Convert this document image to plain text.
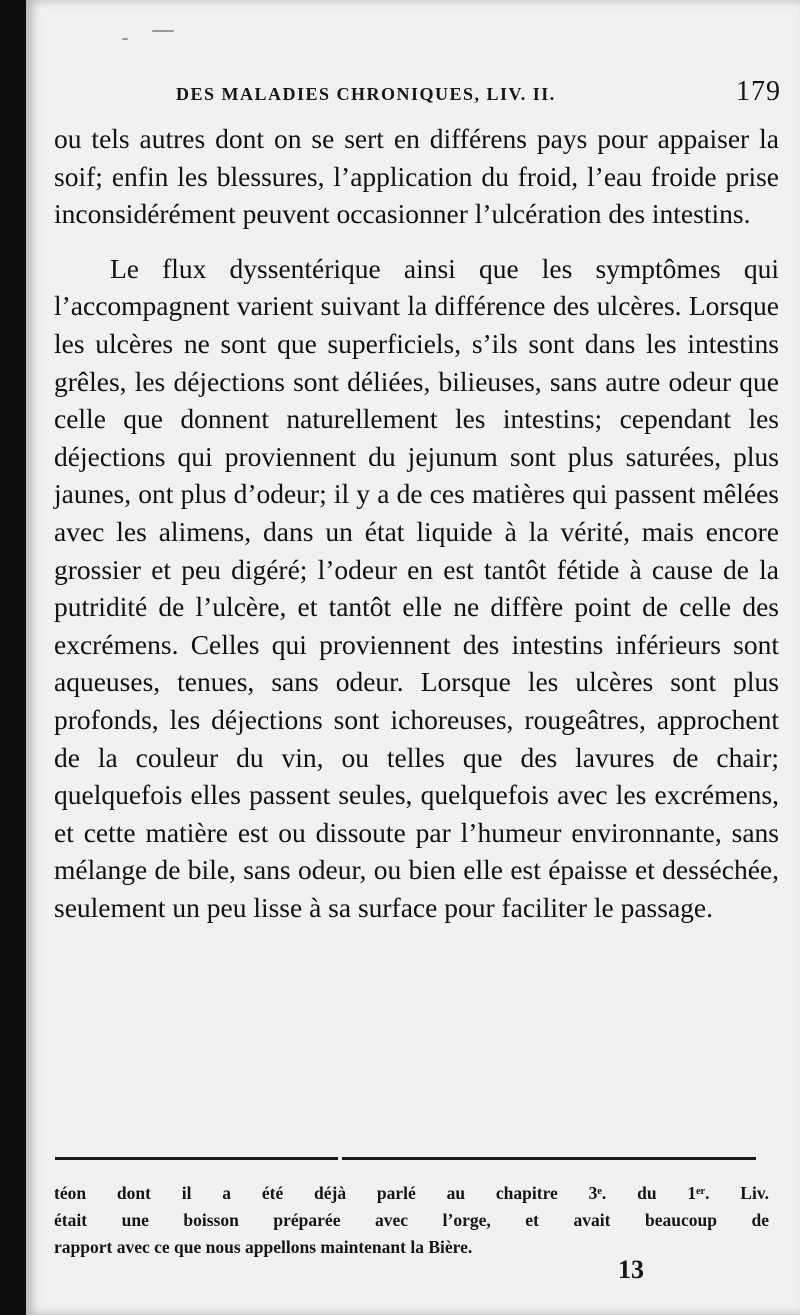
DES MALADIES CHRONIQUES, LIV. II.	179

ou tels autres dont on se sert en différens pays pour appaiser la soif; enfin les blessures, l’application du froid, l’eau froide prise inconsidérément peuvent occasionner l’ulcération des intestins.

Le flux dyssentérique ainsi que les symptômes qui l’accompagnent varient suivant la différence des ulcères. Lorsque les ulcères ne sont que superficiels, s’ils sont dans les intestins grêles, les déjections sont déliées, bilieuses, sans autre odeur que celle que donnent naturellement les intestins; cependant les déjections qui proviennent du jejunum sont plus saturées, plus jaunes, ont plus d’odeur; il y a de ces matières qui passent mêlées avec les alimens, dans un état liquide à la vérité, mais encore grossier et peu digéré; l’odeur en est tantôt fétide à cause de la putridité de l’ulcère, et tantôt elle ne diffère point de celle des excrémens. Celles qui proviennent des intestins inférieurs sont aqueuses, tenues, sans odeur. Lorsque les ulcères sont plus profonds, les déjections sont ichoreuses, rougeâtres, approchent de la couleur du vin, ou telles que des lavures de chair; quelquefois elles passent seules, quelquefois avec les excrémens, et cette matière est ou dissoute par l’humeur environnante, sans mélange de bile, sans odeur, ou bien elle est épaisse et desséchée, seulement un peu lisse à sa surface pour faciliter le passage.

téon dont il a été déjà parlé au chapitre 3ᵉ. du 1ᵉʳ. Liv.
était une boisson préparée avec l’orge, et avait beaucoup de
rapport avec ce que nous appellons maintenant la Bière.
13
